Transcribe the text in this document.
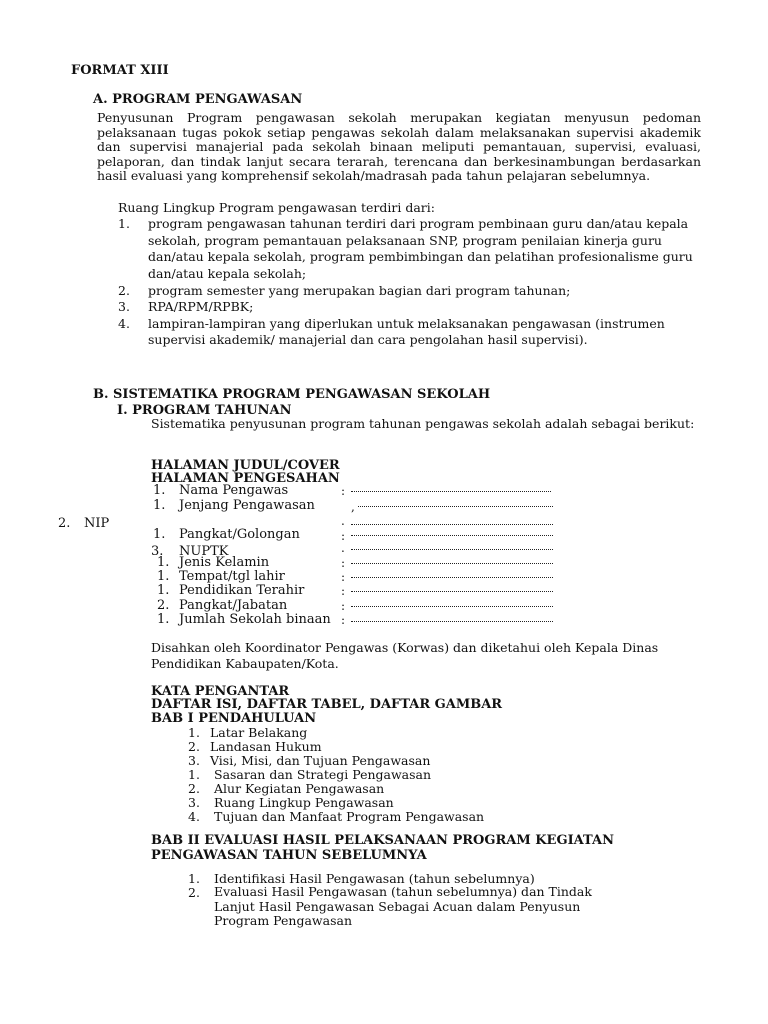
FORMAT XIII
A. PROGRAM PENGAWASAN

Penyusunan Program pengawasan sekolah merupakan kegiatan menyusun pedoman pelaksanaan tugas pokok setiap pengawas sekolah dalam melaksanakan supervisi akademik dan supervisi manajerial pada sekolah binaan meliputi pemantauan, supervisi, evaluasi, pelaporan, dan tindak lanjut secara terarah, terencana dan berkesinambungan berdasarkan hasil evaluasi yang komprehensif sekolah/madrasah pada tahun pelajaran sebelumnya.

Ruang Lingkup Program pengawasan terdiri dari:
1. program pengawasan tahunan terdiri dari program pembinaan guru dan/atau kepala sekolah, program pemantauan pelaksanaan SNP, program penilaian kinerja guru dan/atau kepala sekolah, program pembimbingan dan pelatihan profesionalisme guru dan/atau kepala sekolah;
2. program semester yang merupakan bagian dari program tahunan;
3. RPA/RPM/RPBK;
4. lampiran-lampiran yang diperlukan untuk melaksanakan pengawasan (instrumen supervisi akademik/ manajerial dan cara pengolahan hasil supervisi).
B. SISTEMATIKA PROGRAM PENGAWASAN SEKOLAH
I. PROGRAM TAHUNAN
Sistematika penyusunan program tahunan pengawas sekolah adalah sebagai berikut:
HALAMAN JUDUL/COVER
HALAMAN PENGESAHAN
1. Nama Pengawas	:
1. Jenjang Pengawasan	,
.
2. NIP
1. Pangkat/Golongan	:
3. NUPTK	.
1. Jenis Kelamin	:
1. Tempat/tgl lahir	:
1. Pendidikan Terahir	:
2. Pangkat/Jabatan	:
1. Jumlah Sekolah binaan :
Disahkan oleh Koordinator Pengawas (Korwas) dan diketahui oleh Kepala Dinas Pendidikan Kabaupaten/Kota.
KATA PENGANTAR
DAFTAR ISI, DAFTAR TABEL, DAFTAR GAMBAR
BAB I PENDAHULUAN
1. Latar Belakang
2. Landasan Hukum
3. Visi, Misi, dan Tujuan Pengawasan
1. Sasaran dan Strategi Pengawasan
2. Alur Kegiatan Pengawasan
3. Ruang Lingkup Pengawasan
4. Tujuan dan Manfaat Program Pengawasan
BAB II EVALUASI HASIL PELAKSANAAN PROGRAM KEGIATAN
PENGAWASAN TAHUN SEBELUMNYA
1. Identifikasi Hasil Pengawasan (tahun sebelumnya)
2. Evaluasi Hasil Pengawasan (tahun sebelumnya) dan Tindak Lanjut Hasil Pengawasan Sebagai Acuan dalam Penyusun Program Pengawasan
